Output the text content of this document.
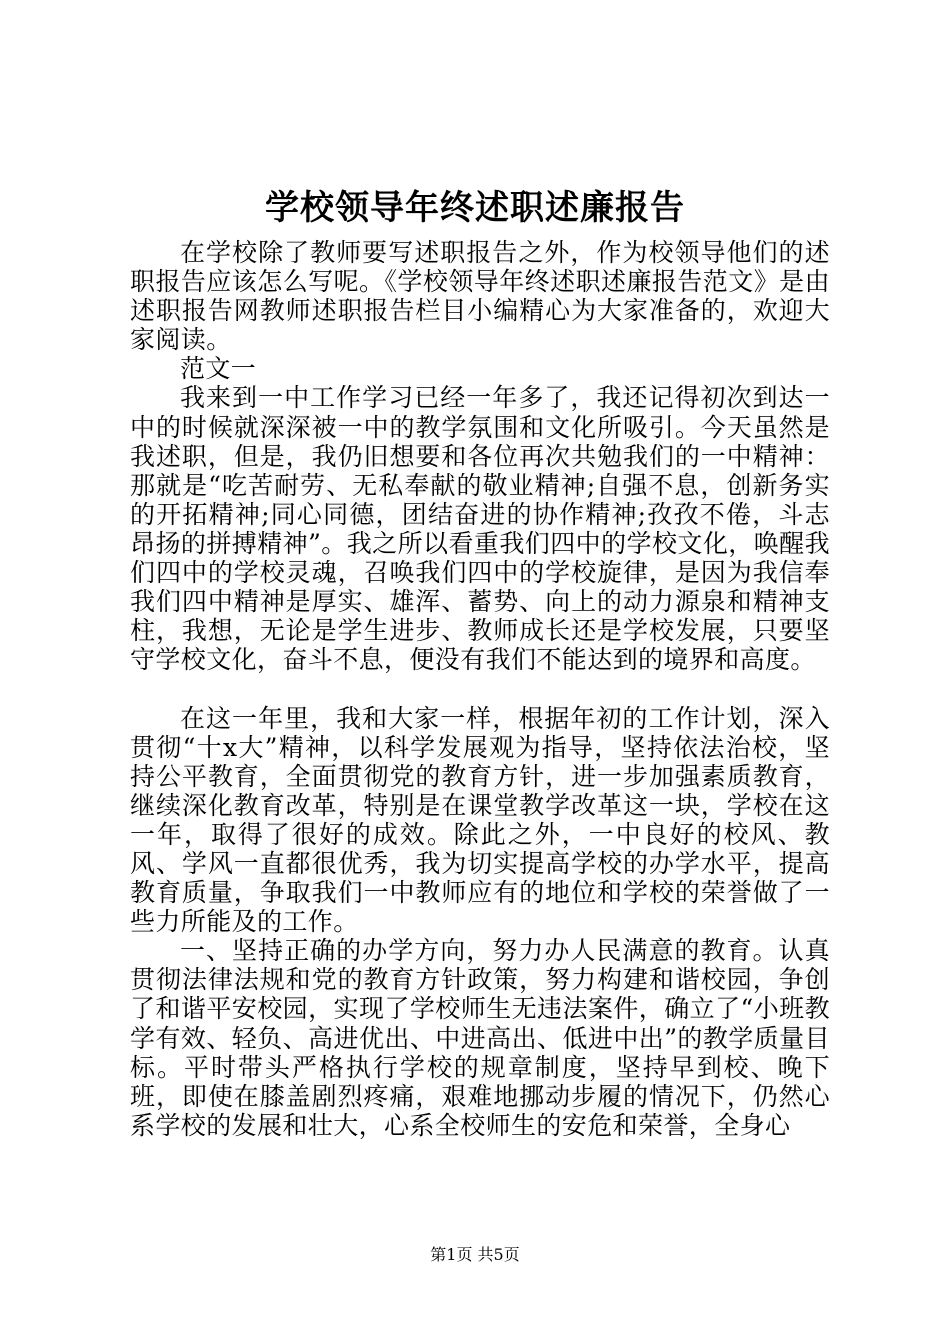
学校领导年终述职述廉报告

在学校除了教师要写述职报告之外，作为校领导他们的述职报告应该怎么写呢。《学校领导年终述职述廉报告范文》是由述职报告网教师述职报告栏目小编精心为大家准备的，欢迎大家阅读。

范文一

我来到一中工作学习已经一年多了，我还记得初次到达一中的时候就深深被一中的教学氛围和文化所吸引。今天虽然是我述职，但是，我仍旧想要和各位再次共勉我们的一中精神：那就是“吃苦耐劳、无私奉献的敬业精神;自强不息，创新务实的开拓精神;同心同德，团结奋进的协作精神;孜孜不倦，斗志昂扬的拼搏精神”。我之所以看重我们四中的学校文化，唤醒我们四中的学校灵魂，召唤我们四中的学校旋律，是因为我信奉我们四中精神是厚实、雄浑、蓄势、向上的动力源泉和精神支柱，我想，无论是学生进步、教师成长还是学校发展，只要坚守学校文化，奋斗不息，便没有我们不能达到的境界和高度。

在这一年里，我和大家一样，根据年初的工作计划，深入贯彻“十x大”精神，以科学发展观为指导，坚持依法治校，坚持公平教育，全面贯彻党的教育方针，进一步加强素质教育，继续深化教育改革，特别是在课堂教学改革这一块，学校在这一年，取得了很好的成效。除此之外，一中良好的校风、教风、学风一直都很优秀，我为切实提高学校的办学水平，提高教育质量，争取我们一中教师应有的地位和学校的荣誉做了一些力所能及的工作。

一、坚持正确的办学方向，努力办人民满意的教育。认真贯彻法律法规和党的教育方针政策，努力构建和谐校园，争创了和谐平安校园，实现了学校师生无违法案件，确立了“小班教学有效、轻负、高进优出、中进高出、低进中出”的教学质量目标。平时带头严格执行学校的规章制度，坚持早到校、晚下班，即使在膝盖剧烈疼痛，艰难地挪动步履的情况下，仍然心系学校的发展和壮大，心系全校师生的安危和荣誉，全身心

第1页 共5页
